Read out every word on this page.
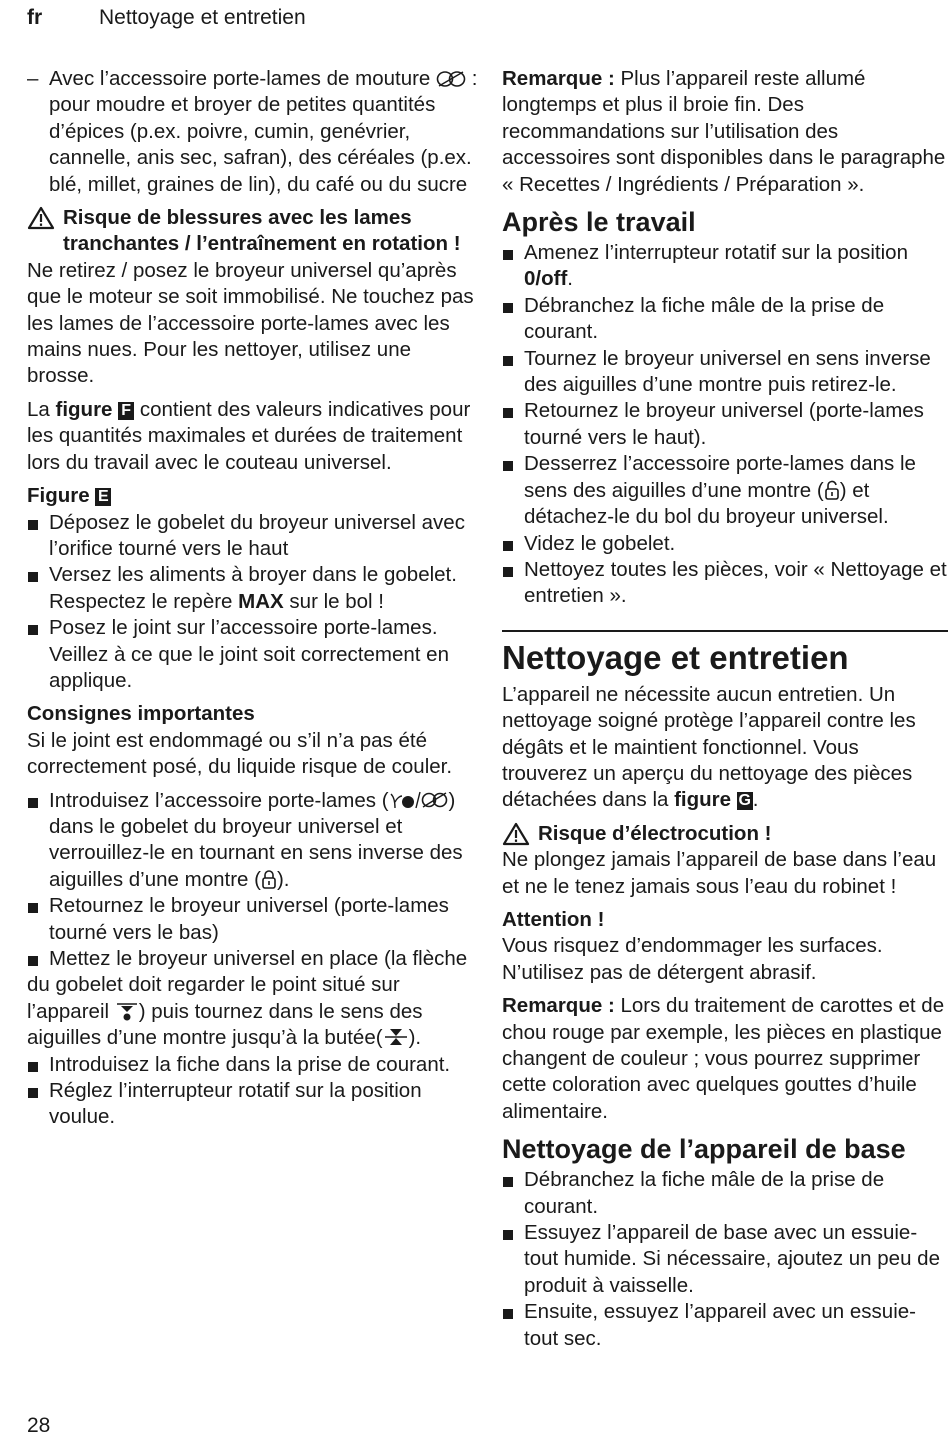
fr	Nettoyage et entretien

– Avec l’accessoire porte-lames de mouture  : pour moudre et broyer de petites quantités d’épices (p.ex. poivre, cumin, genévrier, cannelle, anis sec, safran), des céréales (p.ex. blé, millet, graines de lin), du café ou du sucre

Risque de blessures avec les lames tranchantes / l’entraînement en rotation !

Ne retirez / posez le broyeur universel qu’après que le moteur se soit immobilisé. Ne touchez pas les lames de l’accessoire porte-lames avec les mains nues. Pour les nettoyer, utilisez une brosse.

La figure F contient des valeurs indicatives pour les quantités maximales et durées de traitement lors du travail avec le couteau universel.

Figure E

Déposez le gobelet du broyeur universel avec l’orifice tourné vers le haut

Versez les aliments à broyer dans le gobelet. Respectez le repère MAX sur le bol !

Posez le joint sur l’accessoire porte-lames. Veillez à ce que le joint soit correctement en applique.

Consignes importantes

Si le joint est endommagé ou s’il n’a pas été correctement posé, du liquide risque de couler.

Introduisez l’accessoire porte-lames (	) dans le gobelet du broyeur universel et verrouillez-le en tournant en sens inverse des aiguilles d’une montre ( ).

Retournez le broyeur universel (porte-lames tourné vers le bas)

Mettez le broyeur universel en place (la flèche du gobelet doit regarder le point situé sur l’appareil ) puis tournez dans le sens des aiguilles d’une montre jusqu’à la butée( ).

Introduisez la fiche dans la prise de courant.

Réglez l’interrupteur rotatif sur la position voulue.

Remarque : Plus l’appareil reste allumé longtemps et plus il broie fin. Des recommandations sur l’utilisation des accessoires sont disponibles dans le paragraphe « Recettes / Ingrédients / Préparation ».

Après le travail

Amenez l’interrupteur rotatif sur la position 0/off.

Débranchez la fiche mâle de la prise de courant.

Tournez le broyeur universel en sens inverse des aiguilles d’une montre puis retirez-le.

Retournez le broyeur universel (porte-lames tourné vers le haut).

Desserrez l’accessoire porte-lames dans le sens des aiguilles d’une montre ( ) et détachez-le du bol du broyeur universel.

Videz le gobelet.

Nettoyez toutes les pièces, voir « Nettoyage et entretien ».

Nettoyage et entretien

L’appareil ne nécessite aucun entretien. Un nettoyage soigné protège l’appareil contre les dégâts et le maintient fonctionnel. Vous trouverez un aperçu du nettoyage des pièces détachées dans la figure G.

Risque d’électrocution !

Ne plongez jamais l’appareil de base dans l’eau et ne le tenez jamais sous l’eau du robinet !

Attention !

Vous risquez d’endommager les surfaces. N’utilisez pas de détergent abrasif.

Remarque : Lors du traitement de carottes et de chou rouge par exemple, les pièces en plastique changent de couleur ; vous pourrez supprimer cette coloration avec quelques gouttes d’huile alimentaire.

Nettoyage de l’appareil de base

Débranchez la fiche mâle de la prise de courant.

Essuyez l’appareil de base avec un essuie-tout humide. Si nécessaire, ajoutez un peu de produit à vaisselle.

Ensuite, essuyez l’appareil avec un essuie-tout sec.

28
